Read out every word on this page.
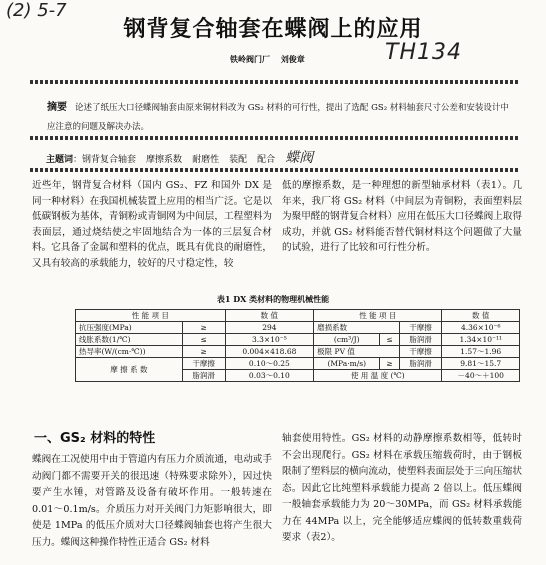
(2) 5-7
钢背复合轴套在蝶阀上的应用
铁岭阀门厂 刘俊章	TH134
摘要 论述了纸压大口径蝶阀轴套由原来铜材料改为 GS₂ 材料的可行性，提出了选配 GS₂ 材料轴套尺寸公差和安装设计中应注意的问题及解决办法。
主题词：钢背复合轴套 摩擦系数 耐磨性 装配 配合 蝶阀
近些年，钢背复合材料（国内 GS₂、FZ 和国外 DX 是同一种材料）在我国机械装置上应用的相当广泛。它是以低碳钢板为基体，青铜粉或青铜网为中间层，工程塑料为表面层，通过烧结使之牢固地结合为一体的三层复合材料。它具备了金属和塑料的优点，既具有优良的耐磨性，又具有较高的承载能力，较好的尺寸稳定性，较
低的摩擦系数，是一种理想的新型轴承材料（表1）。几年来，我厂将 GS₂ 材料（中间层为青铜粉，表面塑料层为聚甲醛的钢背复合材料）应用在低压大口径蝶阀上取得成功，并就 GS₂ 材料能否替代铜材料这个问题做了大量的试验，进行了比较和可行性分析。
表1 DX 类材料的物理机械性能
性 能 项 目		数 值	性 能 项 目			数 值
抗压强度(MPa)	≥	294	磨损系数		干摩擦	4.36×10⁻⁶
线胀系数(1/℃)	≤	3.3×10⁻⁵	(cm³/J)	≤	脂润滑	1.34×10⁻¹¹
热导率(W/(cm·℃))	≥	0.004×418.68	极限 PV 值		干摩擦	1.57～1.96
摩 擦 系 数	干摩擦	0.10～0.25	(MPa·m/s)	≥	脂润滑	9.81～15.7
	脂润滑	0.03～0.10	使 用 温 度 (℃)			－40～＋100
一、GS₂ 材料的特性
蝶阀在工况使用中由于管道内有压力介质流通，电动或手动阀门都不需要开关的很迅速（特殊要求除外），因过快要产生水锤，对管路及设备有破坏作用。一般转速在 0.01～0.1m/s。介质压力对开关阀门力矩影响很大，即使是 1MPa 的低压介质对大口径蝶阀轴套也将产生很大压力。蝶阀这种操作特性正适合 GS₂ 材料
轴套使用特性。GS₂ 材料的动静摩擦系数相等，低转时不会出现爬行。GS₂ 材料在承载压缩载荷时，由于钢板限制了塑料层的横向流动，使塑料表面层处于三向压缩状态。因此它比纯塑料承载能力提高 2 倍以上。低压蝶阀一般轴套承载能力为 20～30MPa，而 GS₂ 材料承载能力在 44MPa 以上，完全能够适应蝶阀的低转数重载荷要求（表2）。
